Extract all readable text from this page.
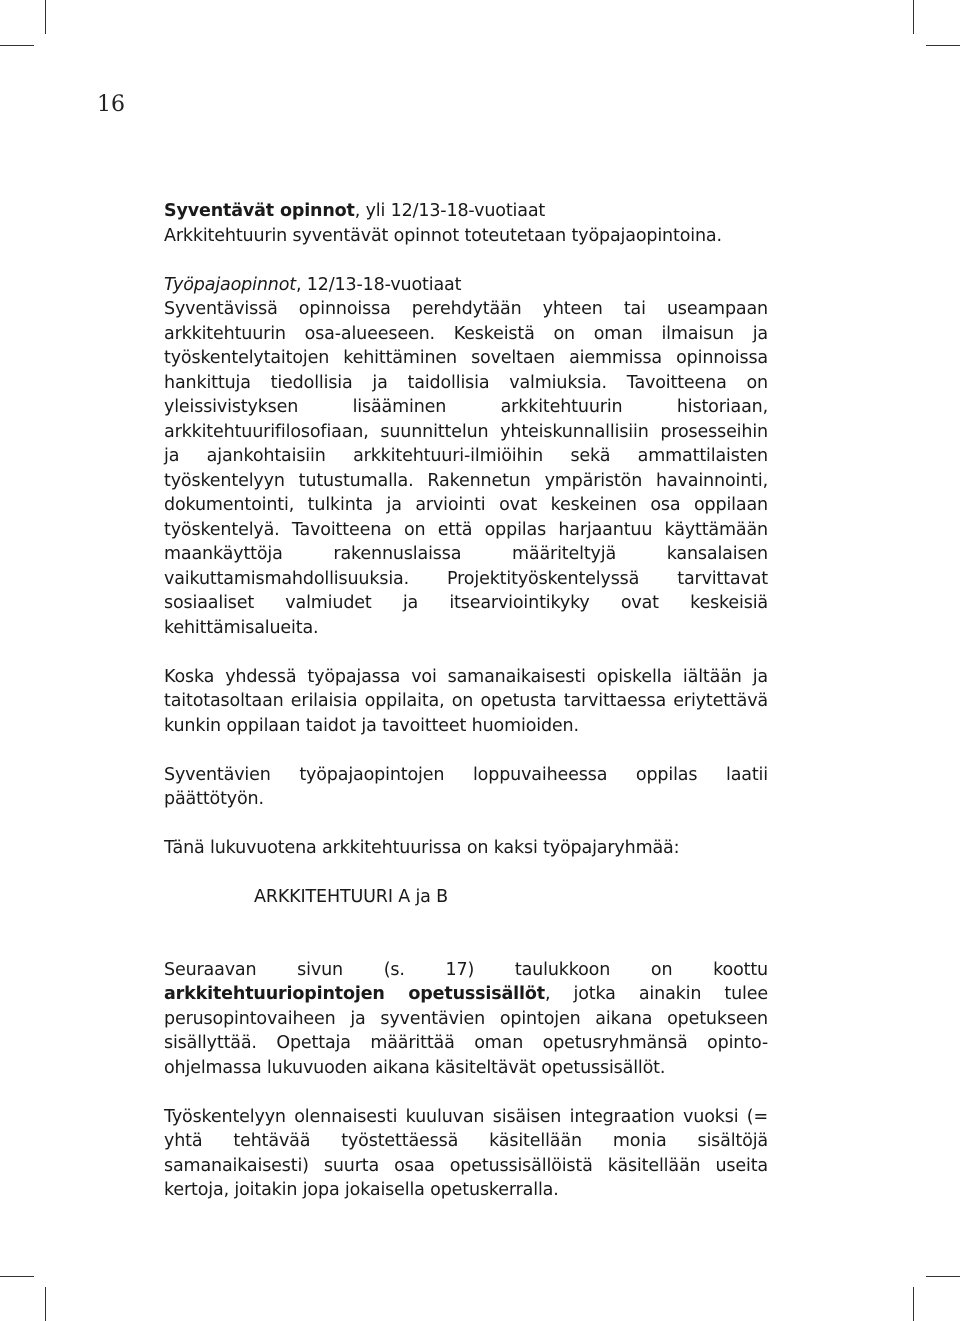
16

Syventävät opinnot, yli 12/13-18-vuotiaat
Arkkitehtuurin syventävät opinnot toteutetaan työpajaopintoina.

Työpajaopinnot, 12/13-18-vuotiaat
Syventävissä opinnoissa perehdytään yhteen tai useampaan arkkitehtuurin osa-alueeseen. Keskeistä on oman ilmaisun ja työskentelytaitojen kehittäminen soveltaen aiemmissa opinnoissa hankittuja tiedollisia ja taidollisia valmiuksia. Tavoitteena on yleissivistyksen lisääminen arkkitehtuurin historiaan, arkkitehtuurifilosofiaan, suunnittelun yhteiskunnallisiin prosesseihin ja ajankohtaisiin arkkitehtuuri-ilmiöihin sekä ammattilaisten työskentelyyn tutustumalla. Rakennetun ympäristön havainnointi, dokumentointi, tulkinta ja arviointi ovat keskeinen osa oppilaan työskentelyä. Tavoitteena on että oppilas harjaantuu käyttämään maankäyttöja rakennuslaissa määriteltyjä kansalaisen vaikuttamismahdollisuuksia. Projektityöskentelyssä tarvittavat sosiaaliset valmiudet ja itsearviointikyky ovat keskeisiä kehittämisalueita.

Koska yhdessä työpajassa voi samanaikaisesti opiskella iältään ja taitotasoltaan erilaisia oppilaita, on opetusta tarvittaessa eriytettävä kunkin oppilaan taidot ja tavoitteet huomioiden.

Syventävien työpajaopintojen loppuvaiheessa oppilas laatii päättötyön.

Tänä lukuvuotena arkkitehtuurissa on kaksi työpajaryhmää:

ARKKITEHTUURI A ja B

Seuraavan sivun (s. 17) taulukkoon on koottu arkkitehtuuriopintojen opetussisällöt, jotka ainakin tulee perusopintovaiheen ja syventävien opintojen aikana opetukseen sisällyttää. Opettaja määrittää oman opetusryhmänsä opinto-ohjelmassa lukuvuoden aikana käsiteltävät opetussisällöt.

Työskentelyyn olennaisesti kuuluvan sisäisen integraation vuoksi (= yhtä tehtävää työstettäessä käsitellään monia sisältöjä samanaikaisesti) suurta osaa opetussisällöistä käsitellään useita kertoja, joitakin jopa jokaisella opetuskerralla.
